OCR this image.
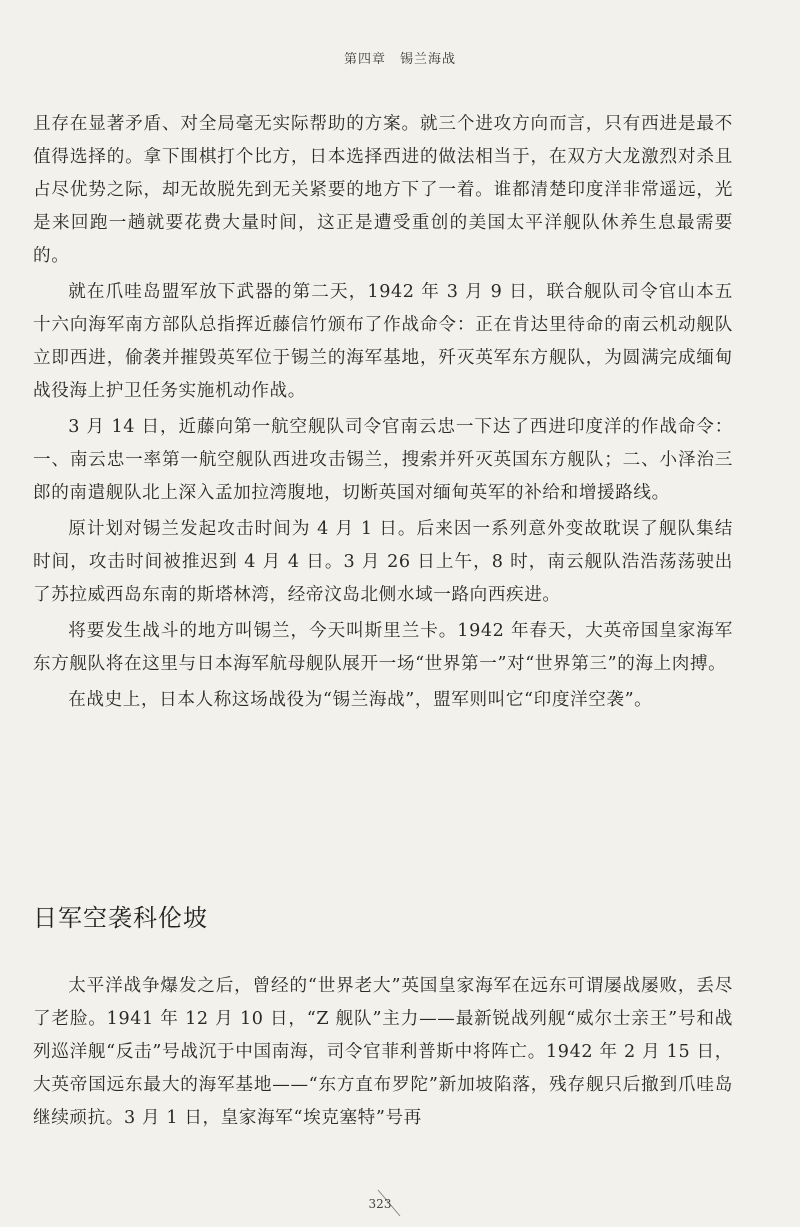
第四章 锡兰海战

且存在显著矛盾、对全局毫无实际帮助的方案。就三个进攻方向而言，只有西进是最不值得选择的。拿下围棋打个比方，日本选择西进的做法相当于，在双方大龙激烈对杀且占尽优势之际，却无故脱先到无关紧要的地方下了一着。谁都清楚印度洋非常遥远，光是来回跑一趟就要花费大量时间，这正是遭受重创的美国太平洋舰队休养生息最需要的。

就在爪哇岛盟军放下武器的第二天，1942 年 3 月 9 日，联合舰队司令官山本五十六向海军南方部队总指挥近藤信竹颁布了作战命令：正在肯达里待命的南云机动舰队立即西进，偷袭并摧毁英军位于锡兰的海军基地，歼灭英军东方舰队，为圆满完成缅甸战役海上护卫任务实施机动作战。

3 月 14 日，近藤向第一航空舰队司令官南云忠一下达了西进印度洋的作战命令：一、南云忠一率第一航空舰队西进攻击锡兰，搜索并歼灭英国东方舰队；二、小泽治三郎的南遣舰队北上深入孟加拉湾腹地，切断英国对缅甸英军的补给和增援路线。

原计划对锡兰发起攻击时间为 4 月 1 日。后来因一系列意外变故耽误了舰队集结时间，攻击时间被推迟到 4 月 4 日。3 月 26 日上午，8 时，南云舰队浩浩荡荡驶出了苏拉威西岛东南的斯塔林湾，经帝汶岛北侧水域一路向西疾进。

将要发生战斗的地方叫锡兰，今天叫斯里兰卡。1942 年春天，大英帝国皇家海军东方舰队将在这里与日本海军航母舰队展开一场“世界第一”对“世界第三”的海上肉搏。

在战史上，日本人称这场战役为“锡兰海战”，盟军则叫它“印度洋空袭”。

日军空袭科伦坡

太平洋战争爆发之后，曾经的“世界老大”英国皇家海军在远东可谓屡战屡败，丢尽了老脸。1941 年 12 月 10 日，“Z 舰队”主力——最新锐战列舰“威尔士亲王”号和战列巡洋舰“反击”号战沉于中国南海，司令官菲利普斯中将阵亡。1942 年 2 月 15 日，大英帝国远东最大的海军基地——“东方直布罗陀”新加坡陷落，残存舰只后撤到爪哇岛继续顽抗。3 月 1 日，皇家海军“埃克塞特”号再

323
